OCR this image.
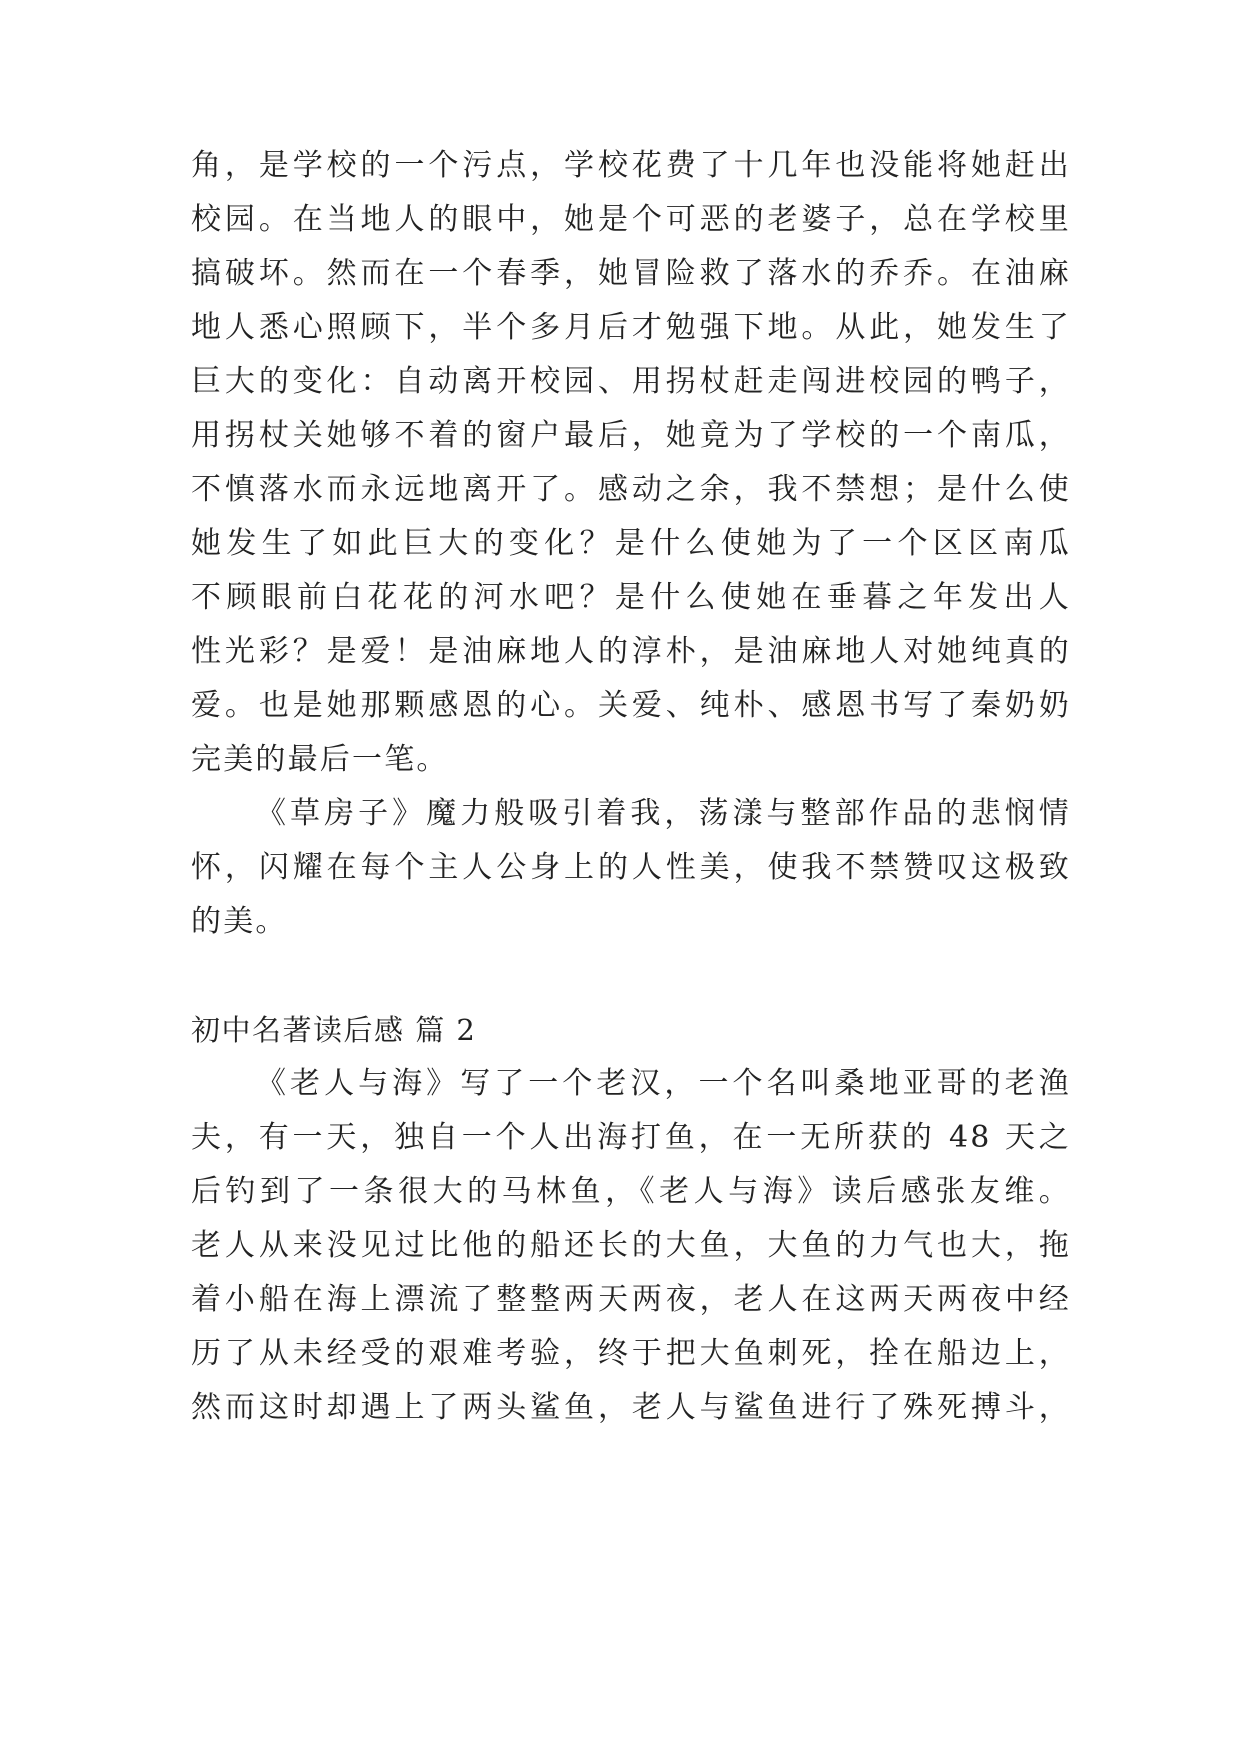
角，是学校的一个污点，学校花费了十几年也没能将她赶出
校园。在当地人的眼中，她是个可恶的老婆子，总在学校里
搞破坏。然而在一个春季，她冒险救了落水的乔乔。在油麻
地人悉心照顾下，半个多月后才勉强下地。从此，她发生了
巨大的变化：自动离开校园、用拐杖赶走闯进校园的鸭子，
用拐杖关她够不着的窗户最后，她竟为了学校的一个南瓜，
不慎落水而永远地离开了。感动之余，我不禁想；是什么使
她发生了如此巨大的变化？是什么使她为了一个区区南瓜
不顾眼前白花花的河水吧？是什么使她在垂暮之年发出人
性光彩？是爱！是油麻地人的淳朴，是油麻地人对她纯真的
爱。也是她那颗感恩的心。关爱、纯朴、感恩书写了秦奶奶
完美的最后一笔。
《草房子》魔力般吸引着我，荡漾与整部作品的悲悯情
怀，闪耀在每个主人公身上的人性美，使我不禁赞叹这极致
的美。
初中名著读后感 篇 2
《老人与海》写了一个老汉，一个名叫桑地亚哥的老渔
夫，有一天，独自一个人出海打鱼，在一无所获的 48 天之
后钓到了一条很大的马林鱼，《老人与海》读后感张友维。
老人从来没见过比他的船还长的大鱼，大鱼的力气也大，拖
着小船在海上漂流了整整两天两夜，老人在这两天两夜中经
历了从未经受的艰难考验，终于把大鱼刺死，拴在船边上，
然而这时却遇上了两头鲨鱼，老人与鲨鱼进行了殊死搏斗，
